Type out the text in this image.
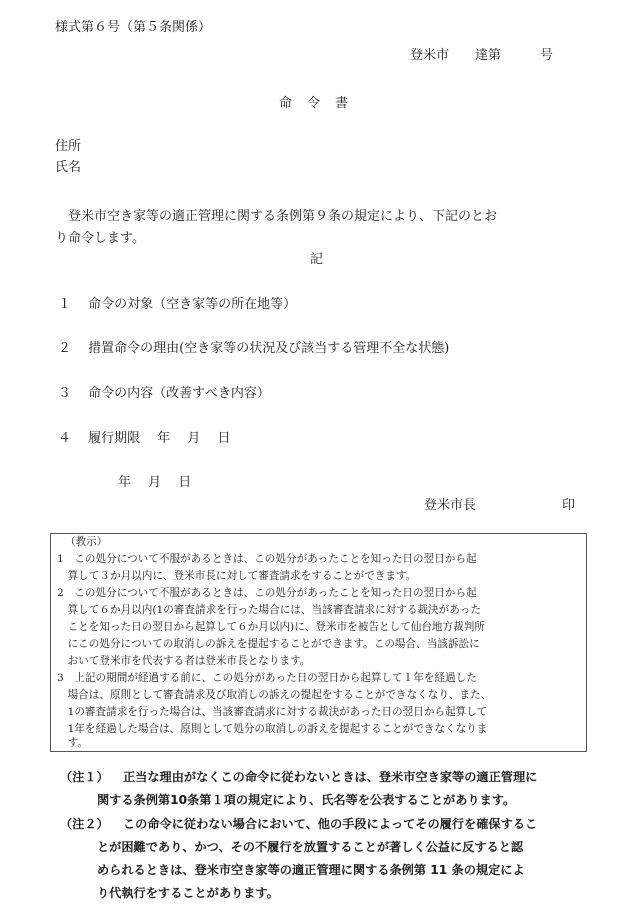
様式第６号（第５条関係）
登米市　　達第　　　号
命　令　書
住所
氏名
　登米市空き家等の適正管理に関する条例第９条の規定により、下記のとお
り命令します。
記
１　 命令の対象（空き家等の所在地等）
２　 措置命令の理由(空き家等の状況及び該当する管理不全な状態)
３　 命令の内容（改善すべき内容）
４　 履行期限　 年　 月　 日
年　 月　 日
登米市長	印
（教示）
1　この処分について不服があるときは、この処分があったことを知った日の翌日から起
　算して３か月以内に、登米市長に対して審査請求をすることができます。
2　この処分について不服があるときは、この処分があったことを知った日の翌日から起
　算して６か月以内(1の審査請求を行った場合には、当該審査請求に対する裁決があった
　ことを知った日の翌日から起算して６か月以内)に、登米市を被告として仙台地方裁判所
　にこの処分についての取消しの訴えを提起することができます。この場合、当該訴訟に
　おいて登米市を代表する者は登米市長となります。
3　上記の期間が経過する前に、この処分があった日の翌日から起算して１年を経過した
　場合は、原則として審査請求及び取消しの訴えの提起をすることができなくなり、また、
　1の審査請求を行った場合は、当該審査請求に対する裁決があった日の翌日から起算して
　1年を経過した場合は、原則として処分の取消しの訴えを提起することができなくなりま
　す。
（注１） 正当な理由がなくこの命令に従わないときは、登米市空き家等の適正管理に
関する条例第10条第１項の規定により、氏名等を公表することがあります。
（注２） この命令に従わない場合において、他の手段によってその履行を確保するこ
とが困難であり、かつ、その不履行を放置することが著しく公益に反すると認
められるときは、登米市空き家等の適正管理に関する条例第 11 条の規定によ
り代執行をすることがあります。
